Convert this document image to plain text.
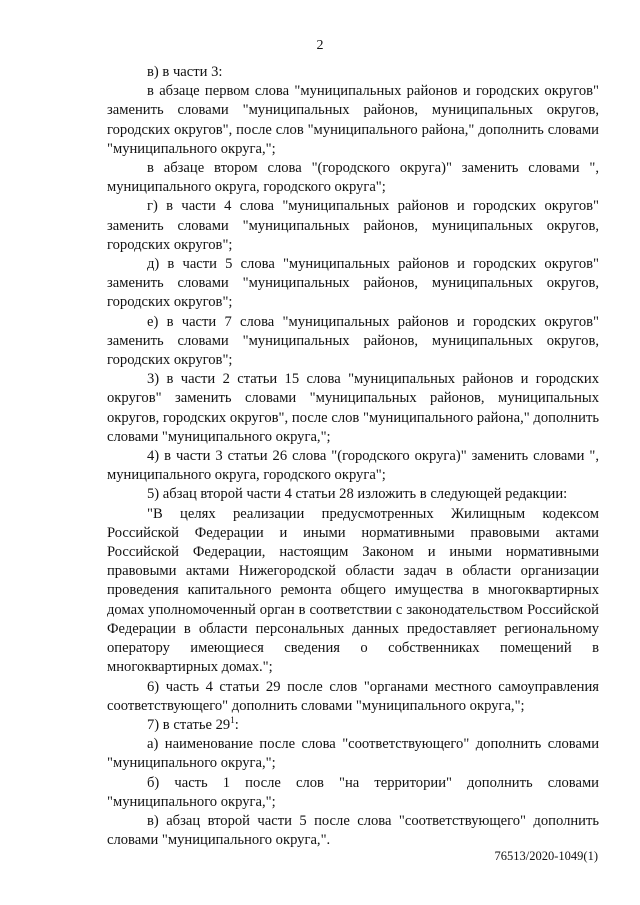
2

в) в части 3:

в абзаце первом слова "муниципальных районов и городских округов" заменить словами "муниципальных районов, муниципальных округов, городских округов", после слов "муниципального района," дополнить словами "муниципального округа,";

в абзаце втором слова "(городского округа)" заменить словами ", муниципального округа, городского округа";

г) в части 4 слова "муниципальных районов и городских округов" заменить словами "муниципальных районов, муниципальных округов, городских округов";

д) в части 5 слова "муниципальных районов и городских округов" заменить словами "муниципальных районов, муниципальных округов, городских округов";

е) в части 7 слова "муниципальных районов и городских округов" заменить словами "муниципальных районов, муниципальных округов, городских округов";

3) в части 2 статьи 15 слова "муниципальных районов и городских округов" заменить словами "муниципальных районов, муниципальных округов, городских округов", после слов "муниципального района," дополнить словами "муниципального округа,";

4) в части 3 статьи 26 слова "(городского округа)" заменить словами ", муниципального округа, городского округа";

5) абзац второй части 4 статьи 28 изложить в следующей редакции:

"В целях реализации предусмотренных Жилищным кодексом Российской Федерации и иными нормативными правовыми актами Российской Федерации, настоящим Законом и иными нормативными правовыми актами Нижегородской области задач в области организации проведения капитального ремонта общего имущества в многоквартирных домах уполномоченный орган в соответствии с законодательством Российской Федерации в области персональных данных предоставляет региональному оператору имеющиеся сведения о собственниках помещений в многоквартирных домах.";

6) часть 4 статьи 29 после слов "органами местного самоуправления соответствующего" дополнить словами "муниципального округа,";

7) в статье $29^1$:

а) наименование после слова "соответствующего" дополнить словами "муниципального округа,";

б) часть 1 после слов "на территории" дополнить словами "муниципального округа,";

в) абзац второй части 5 после слова "соответствующего" дополнить словами "муниципального округа,".

76513/2020-1049(1)
